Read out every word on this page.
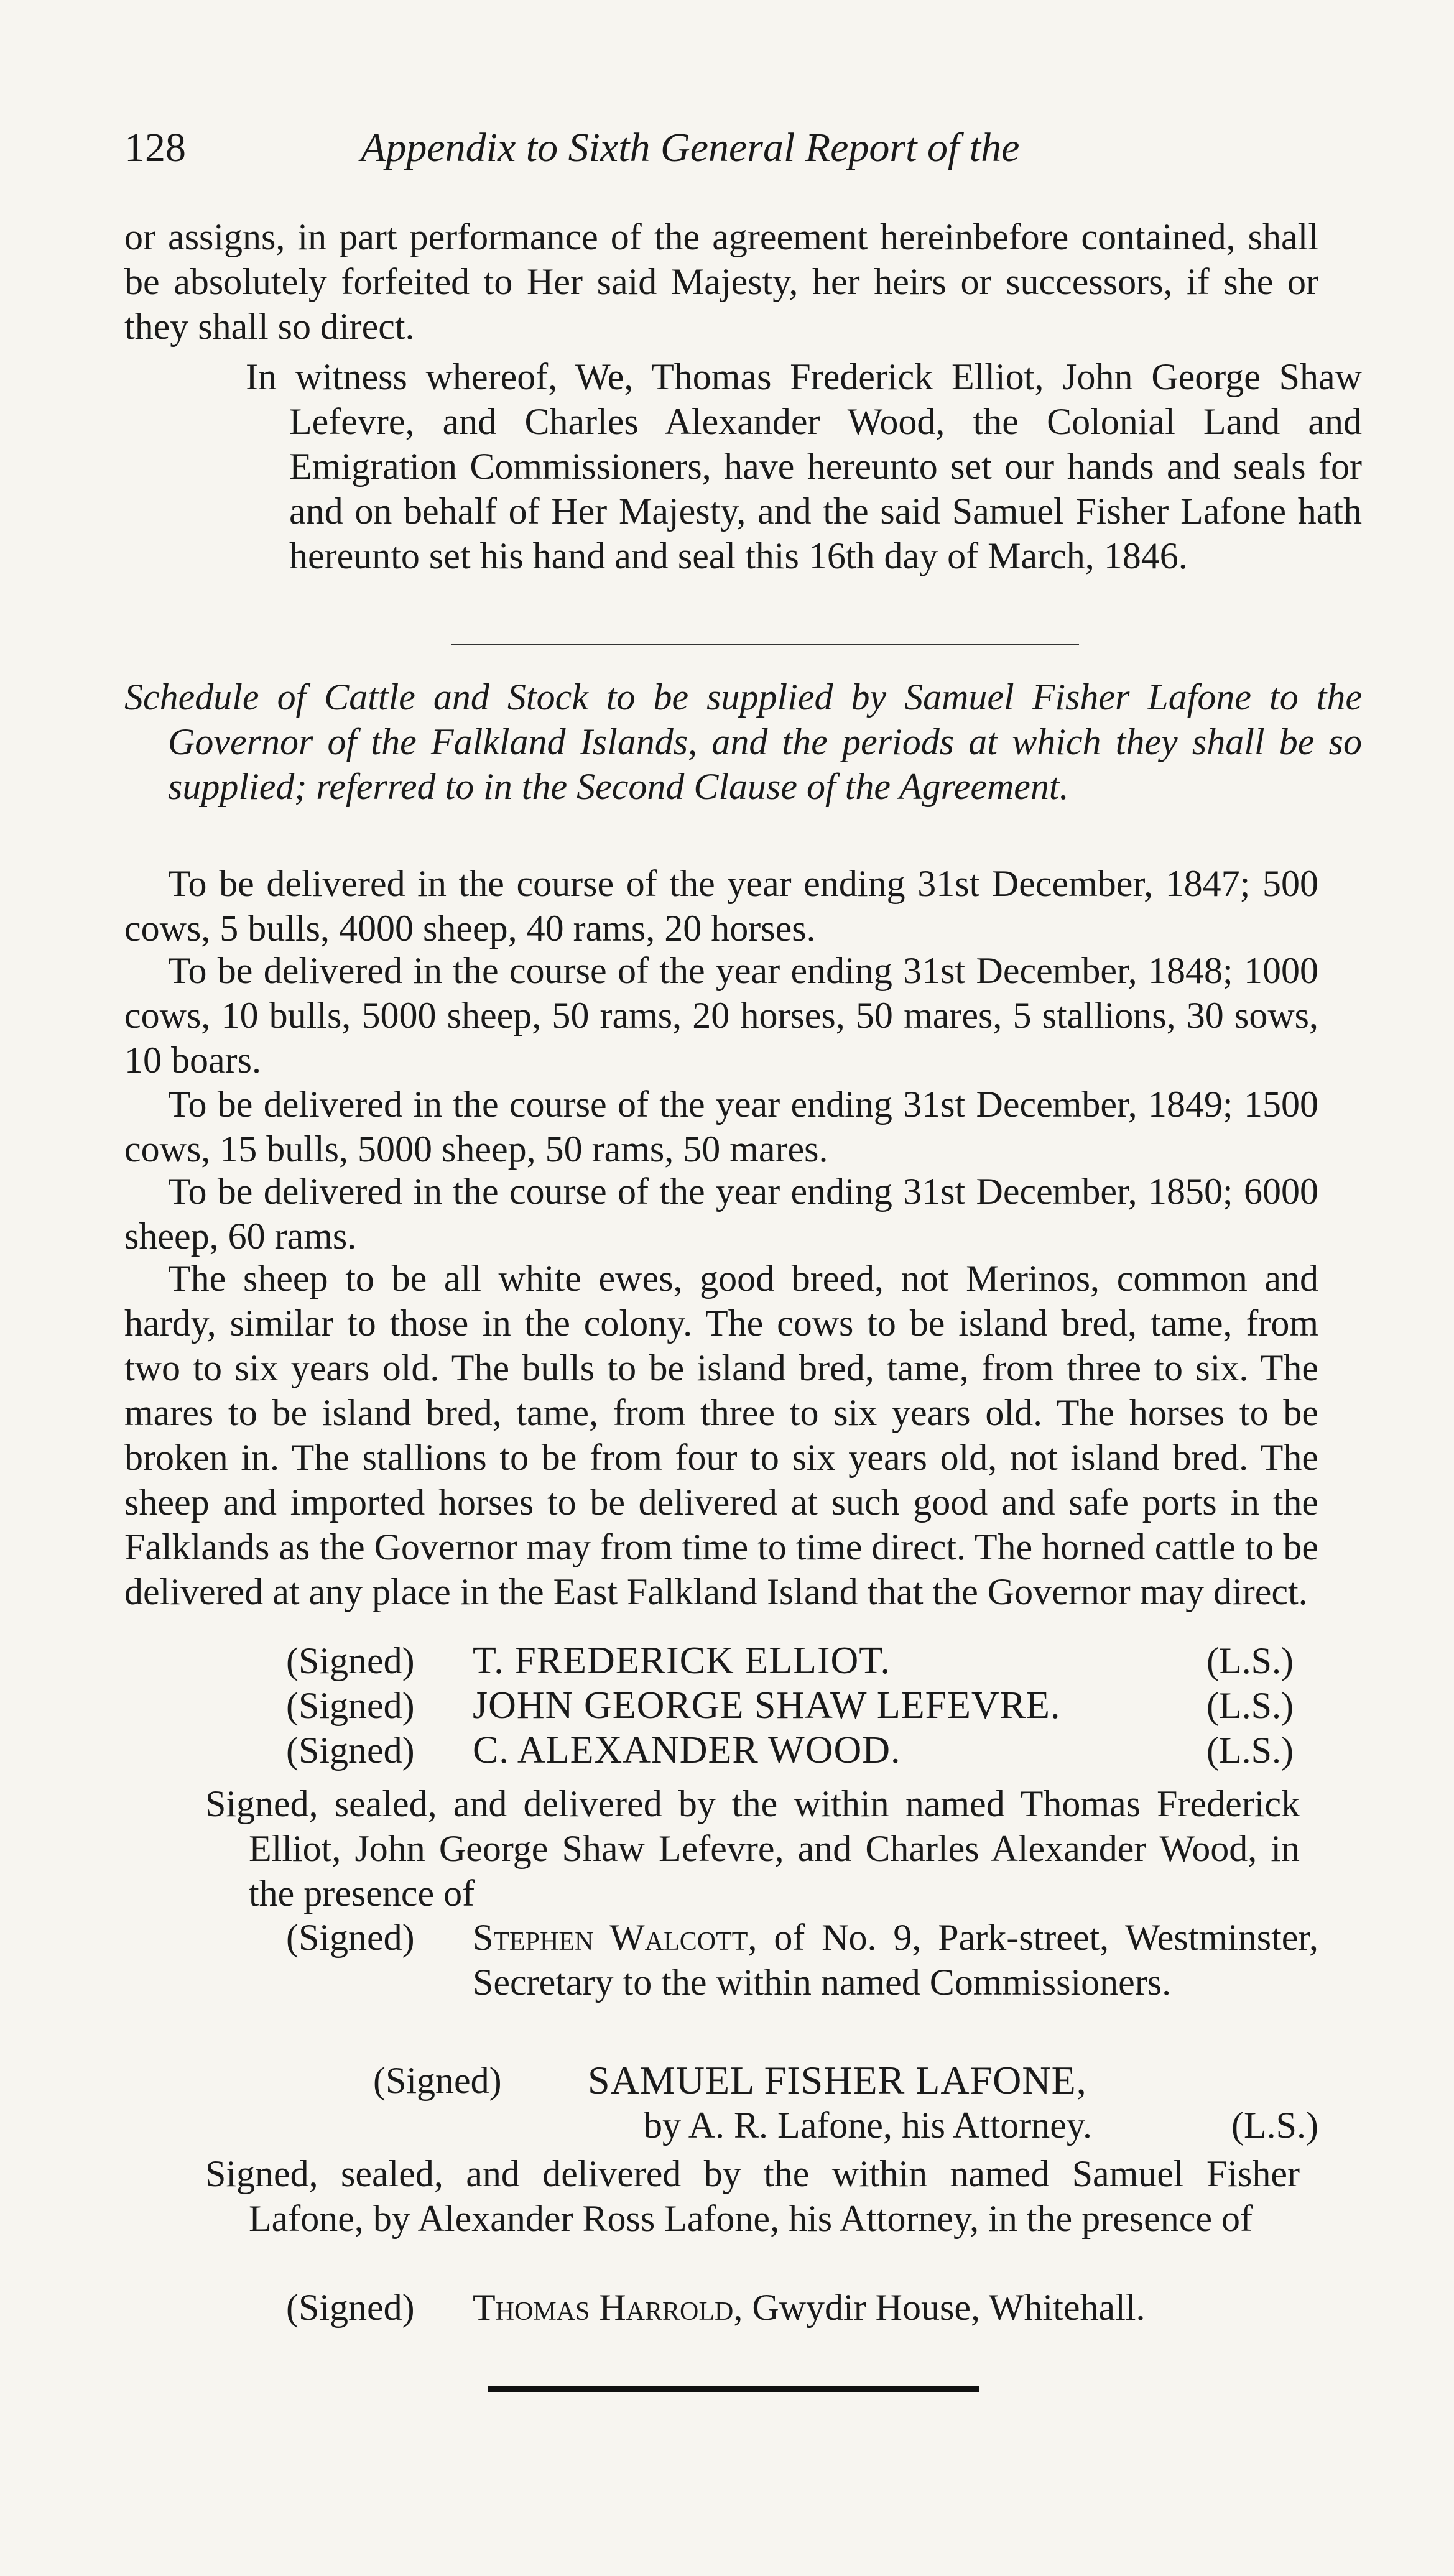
128	Appendix to Sixth General Report of the

or assigns, in part performance of the agreement hereinbefore contained, shall be absolutely forfeited to Her said Majesty, her heirs or successors, if she or they shall so direct.

In witness whereof, We, Thomas Frederick Elliot, John George Shaw Lefevre, and Charles Alexander Wood, the Colonial Land and Emigration Commissioners, have hereunto set our hands and seals for and on behalf of Her Majesty, and the said Samuel Fisher Lafone hath hereunto set his hand and seal this 16th day of March, 1846.

Schedule of Cattle and Stock to be supplied by Samuel Fisher Lafone to the Governor of the Falkland Islands, and the periods at which they shall be so supplied; referred to in the Second Clause of the Agreement.

To be delivered in the course of the year ending 31st December, 1847; 500 cows, 5 bulls, 4000 sheep, 40 rams, 20 horses.

To be delivered in the course of the year ending 31st December, 1848; 1000 cows, 10 bulls, 5000 sheep, 50 rams, 20 horses, 50 mares, 5 stallions, 30 sows, 10 boars.

To be delivered in the course of the year ending 31st December, 1849; 1500 cows, 15 bulls, 5000 sheep, 50 rams, 50 mares.

To be delivered in the course of the year ending 31st December, 1850; 6000 sheep, 60 rams.

The sheep to be all white ewes, good breed, not Merinos, common and hardy, similar to those in the colony. The cows to be island bred, tame, from two to six years old. The bulls to be island bred, tame, from three to six. The mares to be island bred, tame, from three to six years old. The horses to be broken in. The stallions to be from four to six years old, not island bred. The sheep and imported horses to be delivered at such good and safe ports in the Falklands as the Governor may from time to time direct. The horned cattle to be delivered at any place in the East Falkland Island that the Governor may direct.

(Signed) T. FREDERICK ELLIOT.	(L.S.)
(Signed) JOHN GEORGE SHAW LEFEVRE.	(L.S.)
(Signed) C. ALEXANDER WOOD.	(L.S.)

Signed, sealed, and delivered by the within named Thomas Frederick Elliot, John George Shaw Lefevre, and Charles Alexander Wood, in the presence of

(Signed) Stephen Walcott, of No. 9, Park-street, Westminster, Secretary to the within named Commissioners.

(Signed) SAMUEL FISHER LAFONE,
by A. R. Lafone, his Attorney.	(L.S.)

Signed, sealed, and delivered by the within named Samuel Fisher Lafone, by Alexander Ross Lafone, his Attorney, in the presence of

(Signed) Thomas Harrold, Gwydir House, Whitehall.
